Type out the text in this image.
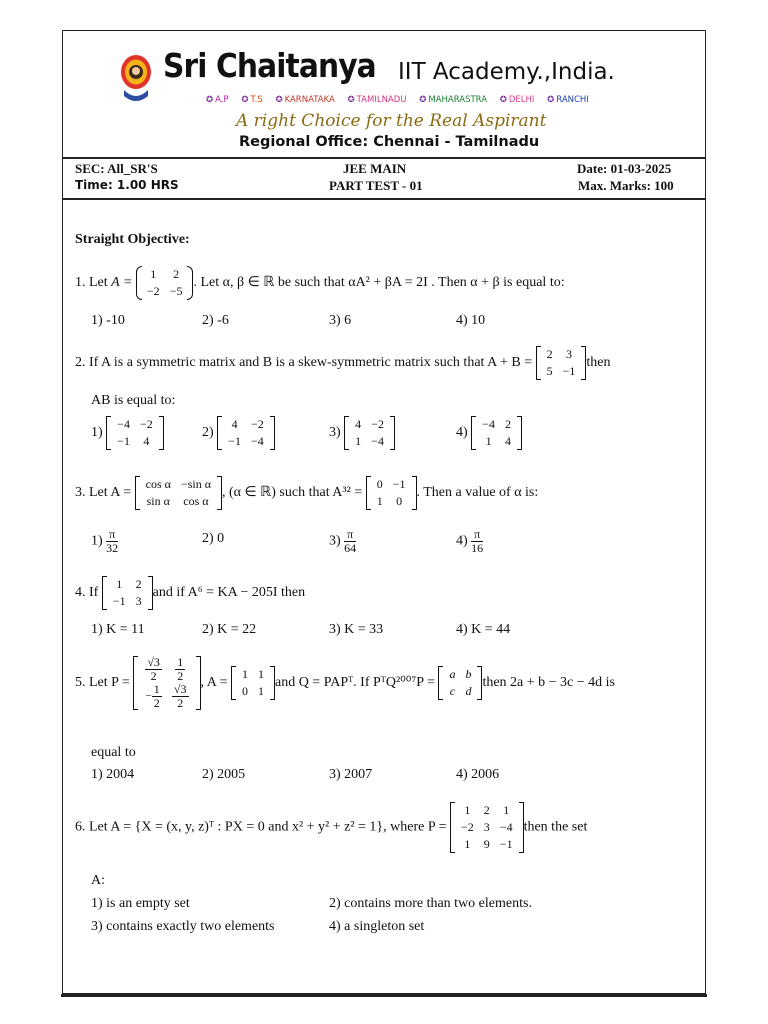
Sri Chaitanya IIT Academy.,India.
✪ A.P ✪ T.S ✪ KARNATAKA ✪ TAMILNADU ✪ MAHARASTRA ✪ DELHI ✪ RANCHI
A right Choice for the Real Aspirant
Regional Office: Chennai - Tamilnadu
SEC: All_SR'S
Time: 1.00 HRS
JEE MAIN
PART TEST - 01
Date: 01-03-2025
Max. Marks: 100
Straight Objective:
1. Let A =
1	2
−2	−5
. Let α, β ∈ ℝ be such that αA² + βA = 2I . Then α + β is equal to:
1) -10	2) -6	3) 6	4) 10
2. If A is a symmetric matrix and B is a skew-symmetric matrix such that A + B =
2	3
5	−1
then
AB is equal to:
1)
−4	−2
−1	4
2)
4	−2
−1	−4
3)
4	−2
1	−4
4)
−4	2
1	4
3. Let A =
cos α	−sin α
sin α	cos α
, (α ∈ ℝ) such that A³² =
0	−1
1	0
. Then a value of α is:
$1) \frac{\pi}{32}$	2) 0	$3) \frac{\pi}{64}$	$4) \frac{\pi}{16}$
4. If
1	2
−1	3
and if A⁶ = KA − 205I then
1) K = 11	2) K = 22	3) K = 33	4) K = 44
5. Let $P = \frac{√3}{2}$	$\frac{1}{2}$

− $\frac{1}{2}$	$\frac{√3}{2}$
, A =
1	1
0	1
and Q = PAPᵀ. If PᵀQ²⁰⁰⁷P =
a	b
c	d
then 2a + b − 3c − 4d is
equal to
1) 2004	2) 2005	3) 2007	4) 2006
6. Let A = {X = (x, y, z)ᵀ : PX = 0 and x² + y² + z² = 1}, where P =
1	2	1
−2	3	−4
1	9	−1
then the set
A:
1) is an empty set	2) contains more than two elements.
3) contains exactly two elements	4) a singleton set
